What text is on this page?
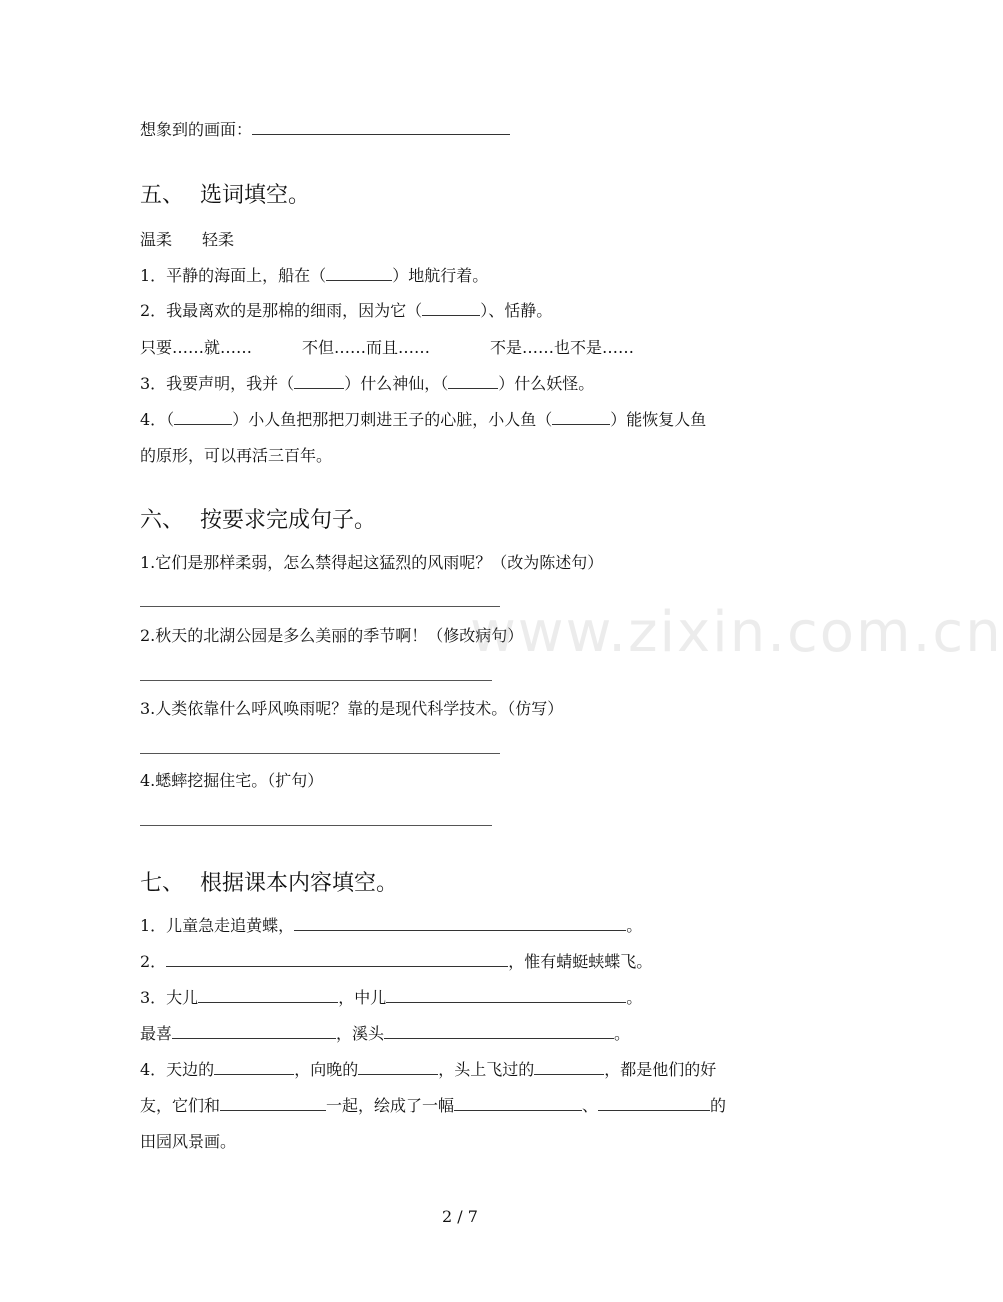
想象到的画面：
五、 选词填空。
温柔 轻柔
1．平静的海面上，船在（	）地航行着。
2．我最离欢的是那棉的细雨，因为它（	）、恬静。
只要……就……	不但……而且……	不是……也不是……
3．我要声明，我并（	）什么神仙，（	）什么妖怪。
4．（	）小人鱼把那把刀刺进王子的心脏，小人鱼（	）能恢复人鱼
的原形，可以再活三百年。
六、 按要求完成句子。
1.它们是那样柔弱，怎么禁得起这猛烈的风雨呢？（改为陈述句）
2.秋天的北湖公园是多么美丽的季节啊！（修改病句）
3.人类依靠什么呼风唤雨呢？靠的是现代科学技术。（仿写）
4.蟋蟀挖掘住宅。（扩句）
七、 根据课本内容填空。
1．儿童急走追黄蝶，	。
2．	，惟有蜻蜓蛱蝶飞。
3．大儿	，中儿	。
最喜	，溪头	。
4．天边的	，向晚的	，头上飞过的	，都是他们的好
友，它们和	一起，绘成了一幅	、	的
田园风景画。
www.zixin.com.cn
2 / 7
